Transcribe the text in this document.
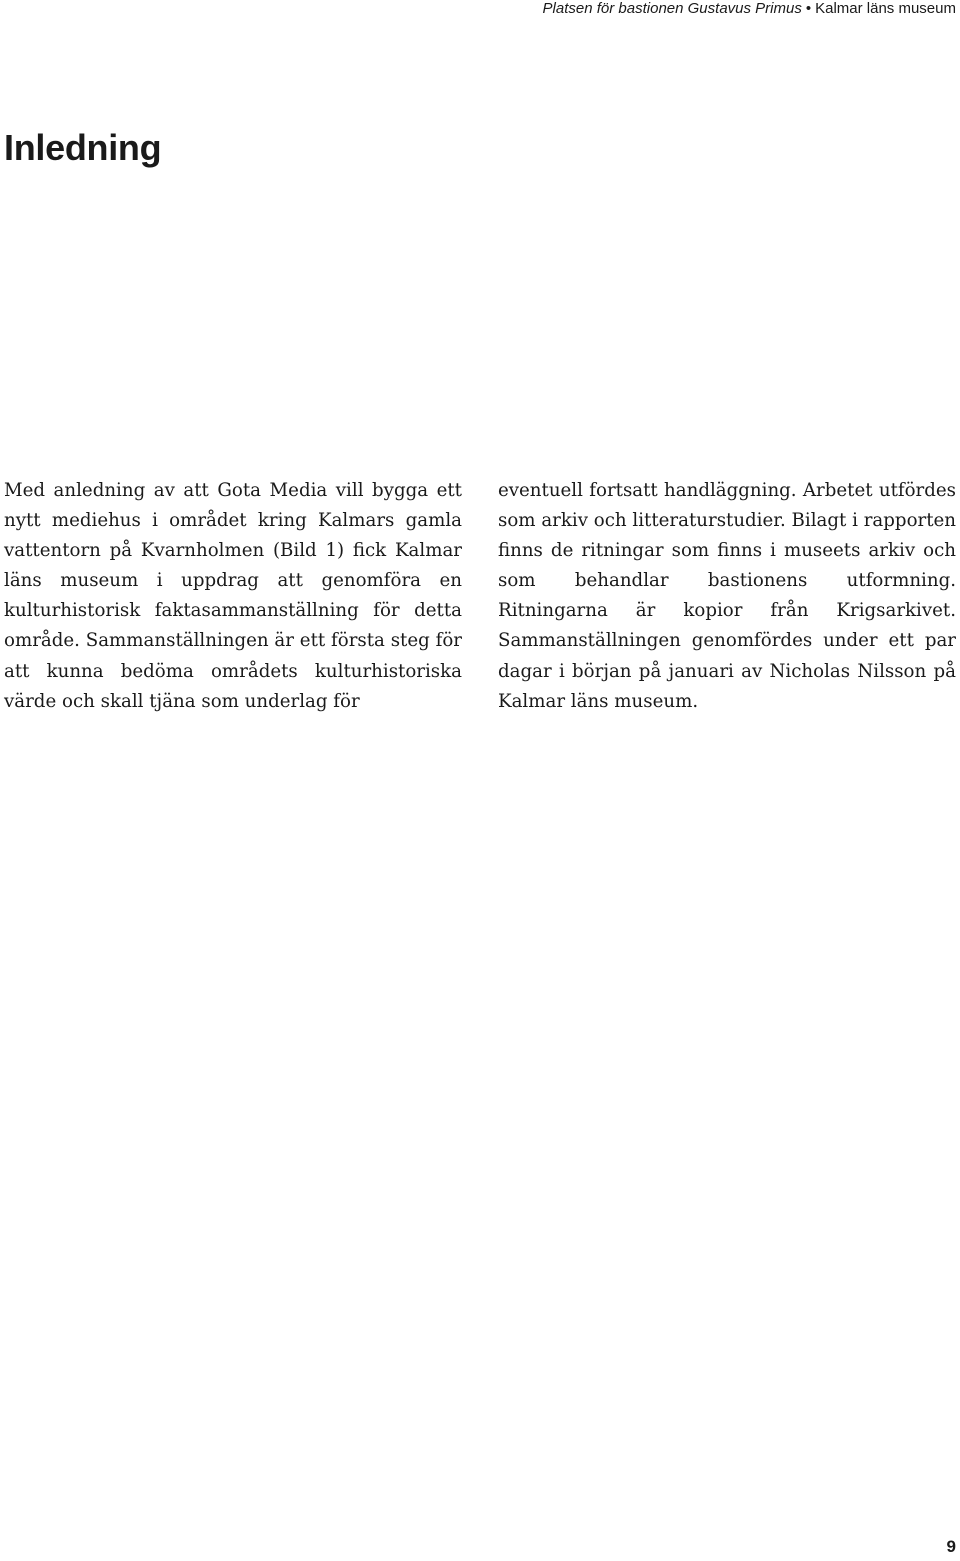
Platsen för bastionen Gustavus Primus • Kalmar läns museum
Inledning

Med anledning av att Gota Media vill bygga ett nytt mediehus i området kring Kalmars gamla vattentorn på Kvarnholmen (Bild 1) fick Kalmar läns museum i uppdrag att genomföra en kulturhistorisk faktasammanställning för detta område. Sammanställningen är ett första steg för att kunna bedöma områdets kulturhistoriska värde och skall tjäna som underlag för

eventuell fortsatt handläggning. Arbetet utfördes som arkiv och litteraturstudier. Bilagt i rapporten finns de ritningar som finns i museets arkiv och som behandlar bastionens utformning. Ritningarna är kopior från Krigsarkivet. Sammanställningen genomfördes under ett par dagar i början på januari av Nicholas Nilsson på Kalmar läns museum.

9
